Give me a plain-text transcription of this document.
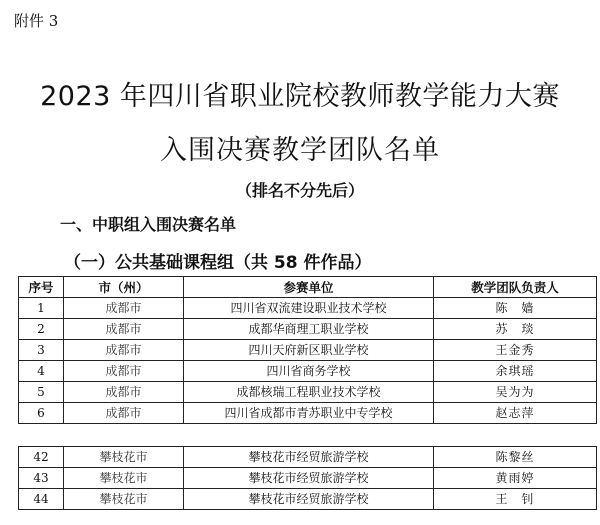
附件 3
2023 年四川省职业院校教师教学能力大赛
入围决赛教学团队名单
（排名不分先后）
一、中职组入围决赛名单
（一）公共基础课程组（共 58 件作品）
序号	市（州）	参赛单位	教学团队负责人
1	成都市	四川省双流建设职业技术学校	陈　嫱
2	成都市	成都华商理工职业学校	苏　琰
3	成都市	四川天府新区职业学校	王金秀
4	成都市	四川省商务学校	余琪瑶
5	成都市	成都核瑞工程职业技术学校	吴为为
6	成都市	四川省成都市青苏职业中专学校	赵志萍
42	攀枝花市	攀枝花市经贸旅游学校	陈黎丝
43	攀枝花市	攀枝花市经贸旅游学校	黄雨婷
44	攀枝花市	攀枝花市经贸旅游学校	王　钊
